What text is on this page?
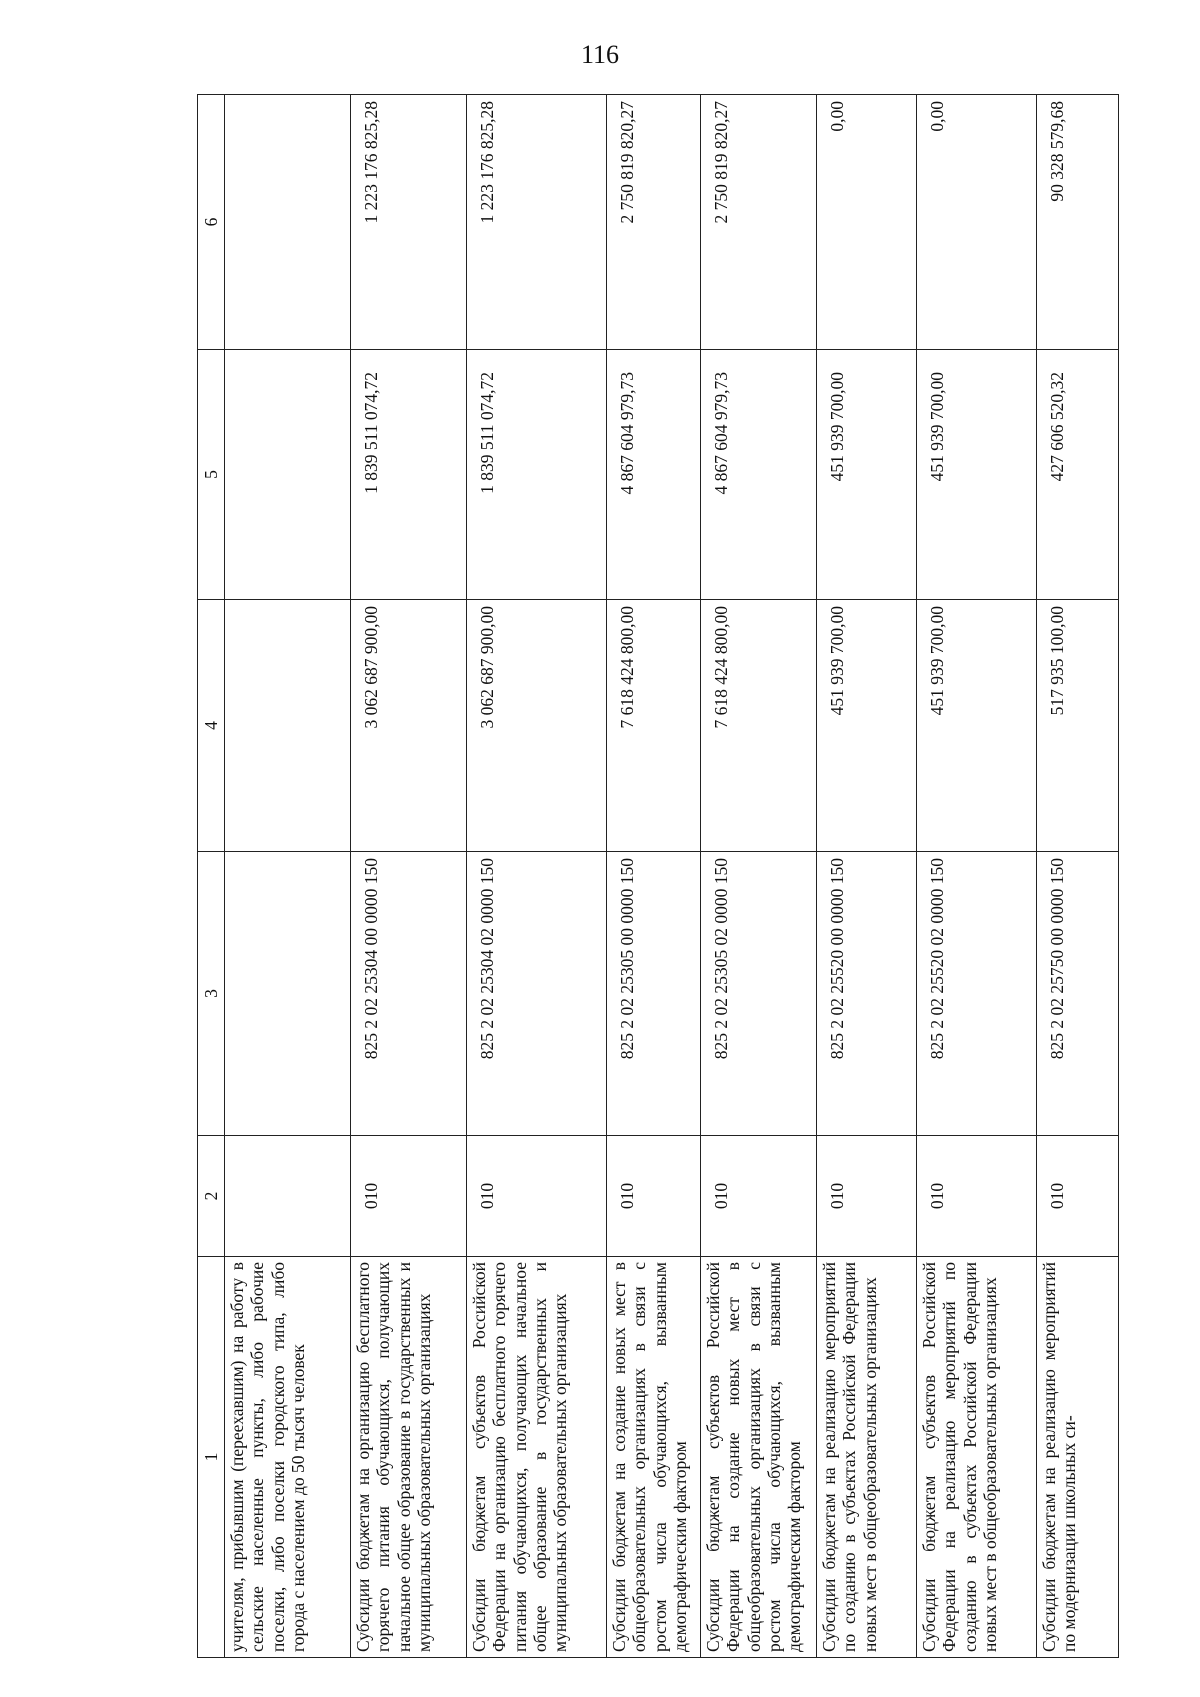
116
1	2	3	4	5	6
учителям, прибывшим (переехавшим) на работу в сельские населенные пункты, либо рабочие поселки, либо поселки городского типа, либо города с населением до 50 тысяч человек					
Субсидии бюджетам на организацию бесплатного горячего питания обучающихся, получающих начальное общее образование в государственных и муниципальных образовательных организациях	010	825 2 02 25304 00 0000 150	3 062 687 900,00	1 839 511 074,72	1 223 176 825,28
Субсидии бюджетам субъектов Российской Федерации на организацию бесплатного горячего питания обучающихся, получающих начальное общее образование в государственных и муниципальных образовательных организациях	010	825 2 02 25304 02 0000 150	3 062 687 900,00	1 839 511 074,72	1 223 176 825,28
Субсидии бюджетам на создание новых мест в общеобразовательных организациях в связи с ростом числа обучающихся, вызванным демографическим фактором	010	825 2 02 25305 00 0000 150	7 618 424 800,00	4 867 604 979,73	2 750 819 820,27
Субсидии бюджетам субъектов Российской Федерации на создание новых мест в общеобразовательных организациях в связи с ростом числа обучающихся, вызванным демографическим фактором	010	825 2 02 25305 02 0000 150	7 618 424 800,00	4 867 604 979,73	2 750 819 820,27
Субсидии бюджетам на реализацию мероприятий по созданию в субъектах Российской Федерации новых мест в общеобразовательных организациях	010	825 2 02 25520 00 0000 150	451 939 700,00	451 939 700,00	0,00
Субсидии бюджетам субъектов Российской Федерации на реализацию мероприятий по созданию в субъектах Российской Федерации новых мест в общеобразовательных организациях	010	825 2 02 25520 02 0000 150	451 939 700,00	451 939 700,00	0,00
Субсидии бюджетам на реализацию мероприятий по модернизации школьных си-	010	825 2 02 25750 00 0000 150	517 935 100,00	427 606 520,32	90 328 579,68
